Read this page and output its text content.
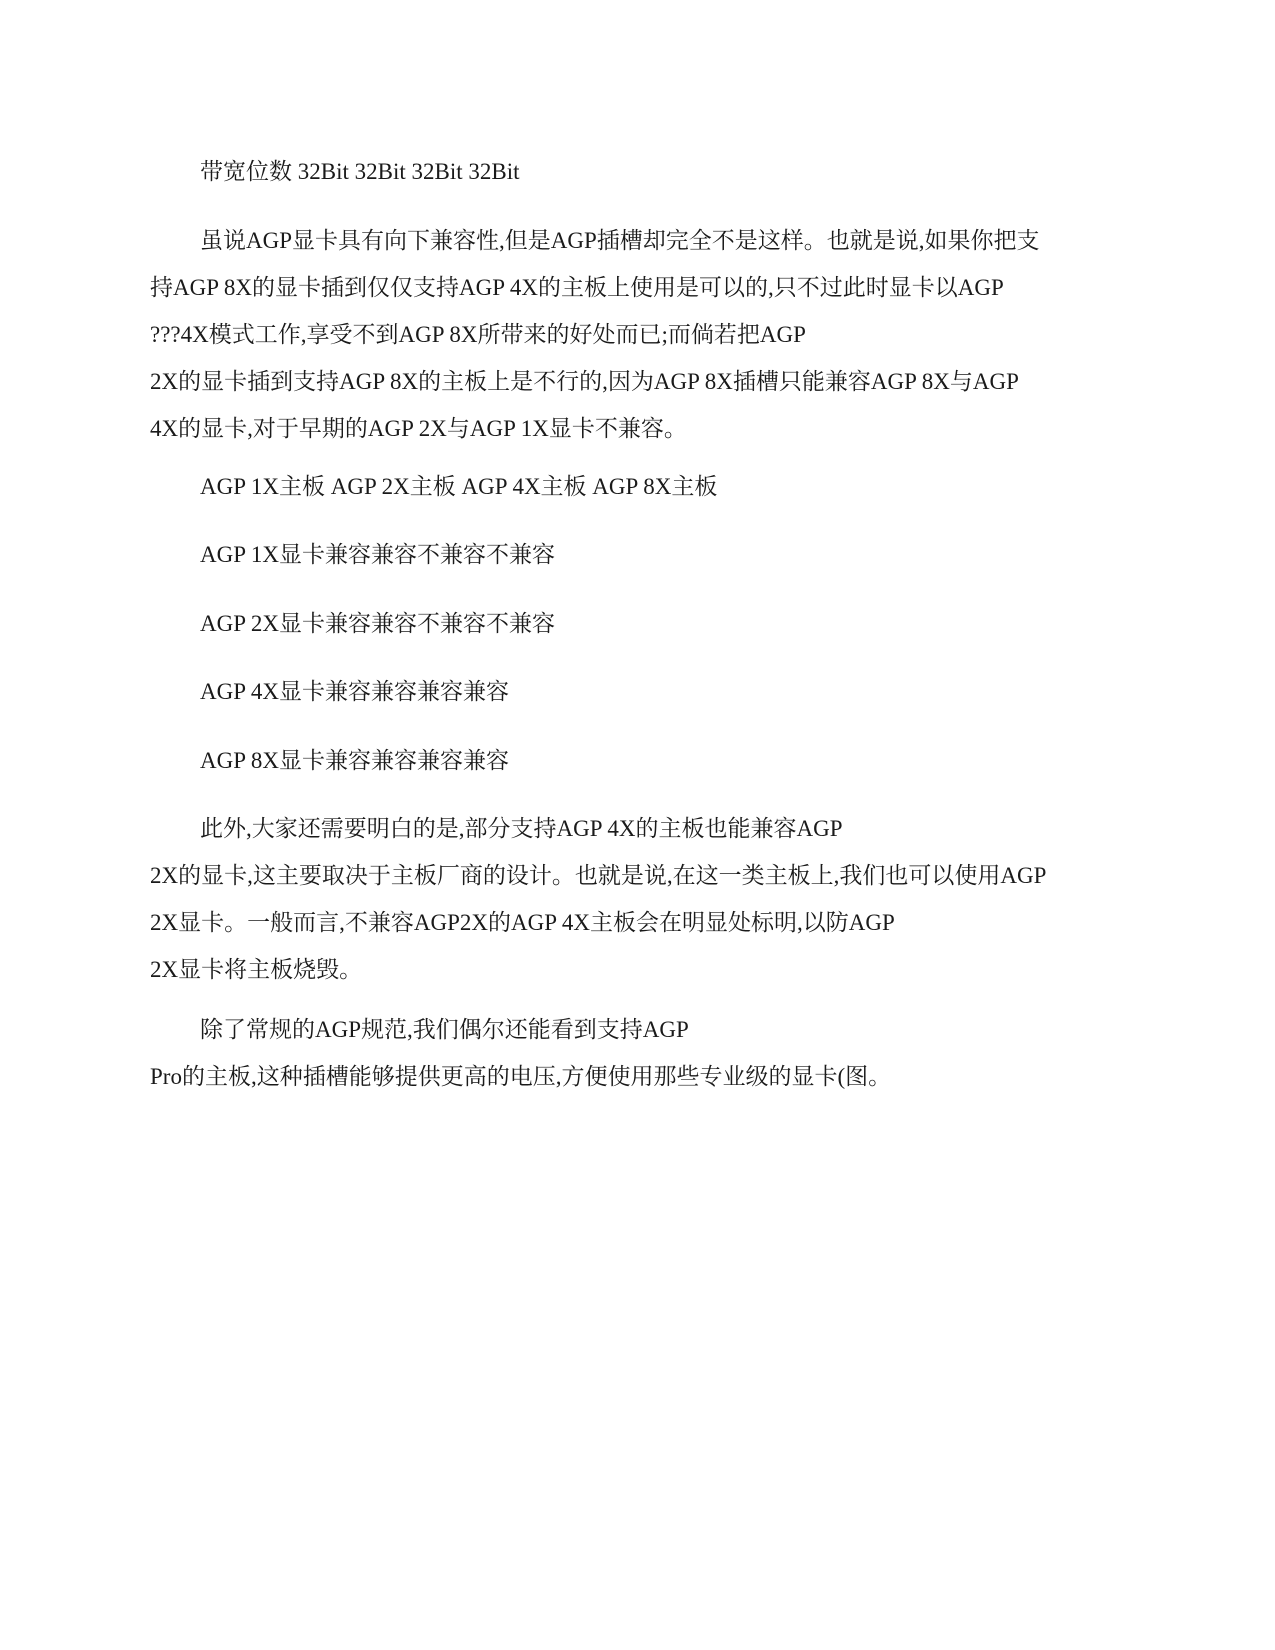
带宽位数 32Bit 32Bit 32Bit 32Bit

虽说AGP显卡具有向下兼容性,但是AGP插槽却完全不是这样。也就是说,如果你把支
持AGP 8X的显卡插到仅仅支持AGP 4X的主板上使用是可以的,只不过此时显卡以AGP
???4X模式工作,享受不到AGP 8X所带来的好处而已;而倘若把AGP
2X的显卡插到支持AGP 8X的主板上是不行的,因为AGP 8X插槽只能兼容AGP 8X与AGP
4X的显卡,对于早期的AGP 2X与AGP 1X显卡不兼容。

AGP 1X主板 AGP 2X主板 AGP 4X主板 AGP 8X主板

AGP 1X显卡兼容兼容不兼容不兼容

AGP 2X显卡兼容兼容不兼容不兼容

AGP 4X显卡兼容兼容兼容兼容

AGP 8X显卡兼容兼容兼容兼容

此外,大家还需要明白的是,部分支持AGP 4X的主板也能兼容AGP
2X的显卡,这主要取决于主板厂商的设计。也就是说,在这一类主板上,我们也可以使用AGP
2X显卡。一般而言,不兼容AGP2X的AGP 4X主板会在明显处标明,以防AGP
2X显卡将主板烧毁。

除了常规的AGP规范,我们偶尔还能看到支持AGP
Pro的主板,这种插槽能够提供更高的电压,方便使用那些专业级的显卡(图。
